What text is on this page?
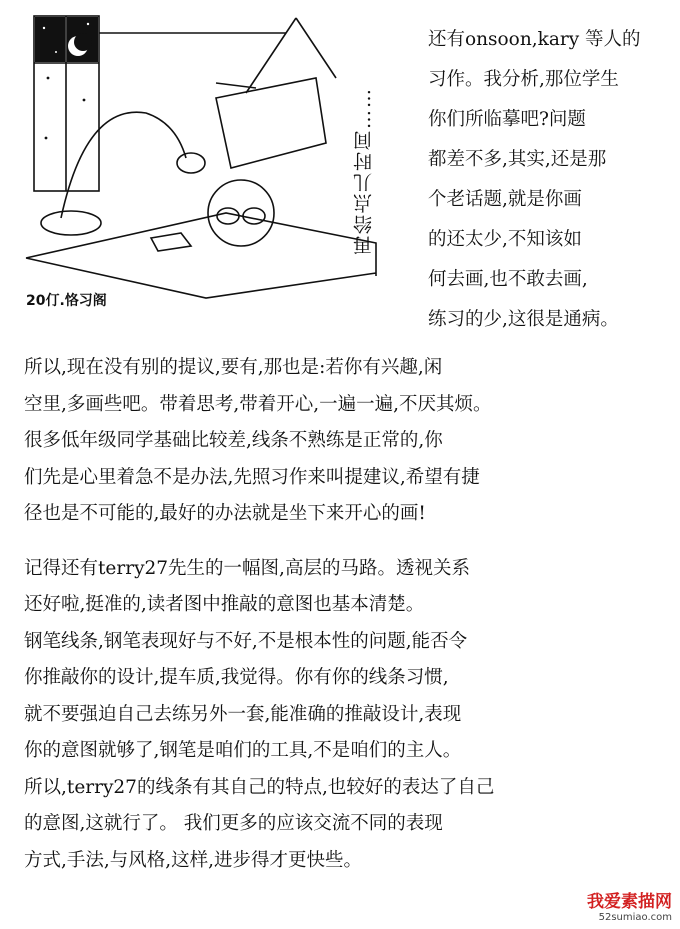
再给点儿时间……
20仃.恪习阁

还有onsoon,kary 等人的

习作。我分析,那位学生

你们所临摹吧?问题

都差不多,其实,还是那

个老话题,就是你画

的还太少,不知该如

何去画,也不敢去画,

练习的少,这很是通病。

所以,现在没有别的提议,要有,那也是:若你有兴趣,闲

空里,多画些吧。带着思考,带着开心,一遍一遍,不厌其烦。

很多低年级同学基础比较差,线条不熟练是正常的,你

们先是心里着急不是办法,先照习作来叫提建议,希望有捷

径也是不可能的,最好的办法就是坐下来开心的画!

记得还有terry27先生的一幅图,高层的马路。透视关系

还好啦,挺准的,读者图中推敲的意图也基本清楚。

钢笔线条,钢笔表现好与不好,不是根本性的问题,能否令

你推敲你的设计,提车质,我觉得。你有你的线条习惯,

就不要强迫自己去练另外一套,能准确的推敲设计,表现

你的意图就够了,钢笔是咱们的工具,不是咱们的主人。

所以,terry27的线条有其自己的特点,也较好的表达了自己

的意图,这就行了。 我们更多的应该交流不同的表现

方式,手法,与风格,这样,进步得才更快些。

我爱素描网
52sumiao.com
